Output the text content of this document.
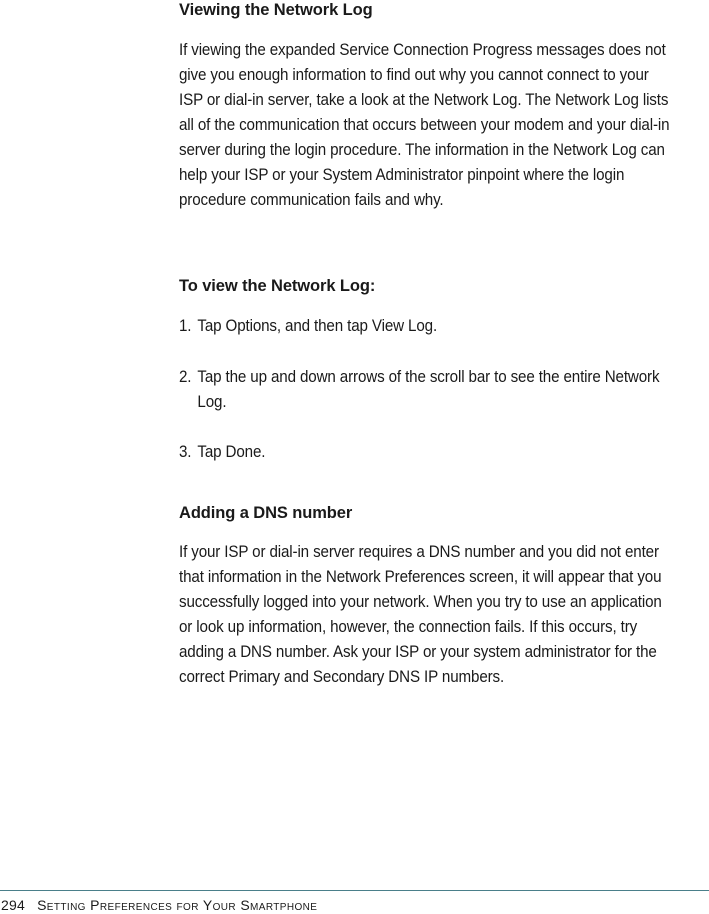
Viewing the Network Log
If viewing the expanded Service Connection Progress messages does not give you enough information to find out why you cannot connect to your ISP or dial-in server, take a look at the Network Log. The Network Log lists all of the communication that occurs between your modem and your dial-in server during the login procedure. The information in the Network Log can help your ISP or your System Administrator pinpoint where the login procedure communication fails and why.
To view the Network Log:
1. Tap Options, and then tap View Log.
2. Tap the up and down arrows of the scroll bar to see the entire Network Log.
3. Tap Done.
Adding a DNS number
If your ISP or dial-in server requires a DNS number and you did not enter that information in the Network Preferences screen, it will appear that you successfully logged into your network. When you try to use an application or look up information, however, the connection fails. If this occurs, try adding a DNS number. Ask your ISP or your system administrator for the correct Primary and Secondary DNS IP numbers.
294 Setting Preferences for Your Smartphone
